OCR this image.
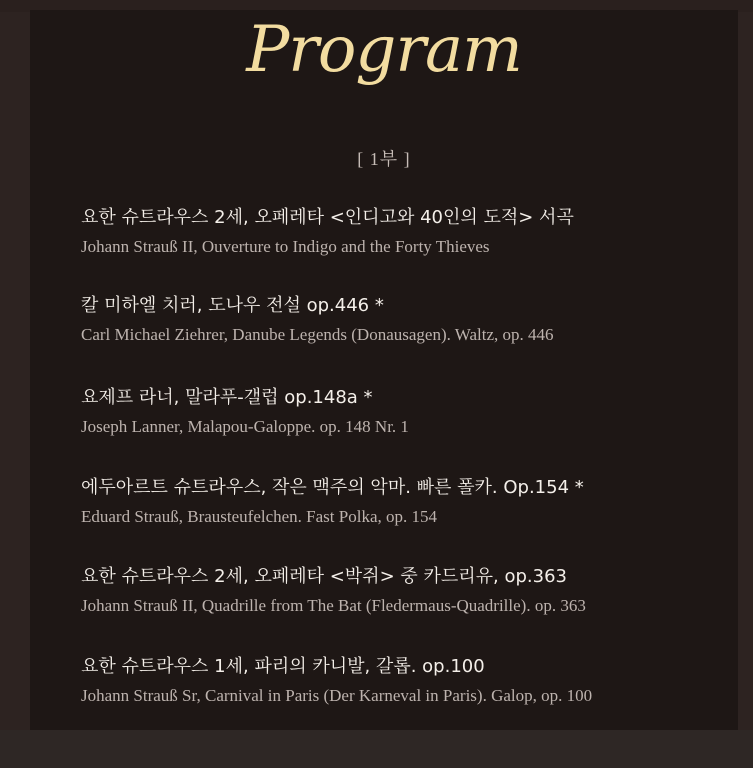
Program
[ 1부 ]
요한 슈트라우스 2세, 오페레타 <인디고와 40인의 도적> 서곡
Johann Strauß II, Ouverture to Indigo and the Forty Thieves
칼 미하엘 치러, 도나우 전설 op.446 *
Carl Michael Ziehrer, Danube Legends (Donausagen). Waltz, op. 446
요제프 라너, 말라푸-갤럽 op.148a *
Joseph Lanner, Malapou-Galoppe. op. 148 Nr. 1
에두아르트 슈트라우스, 작은 맥주의 악마. 빠른 폴카. Op.154 *
Eduard Strauß, Brausteufelchen. Fast Polka, op. 154
요한 슈트라우스 2세, 오페레타 <박쥐> 중 카드리유, op.363
Johann Strauß II, Quadrille from The Bat (Fledermaus-Quadrille). op. 363
요한 슈트라우스 1세, 파리의 카니발, 갈롭. op.100
Johann Strauß Sr, Carnival in Paris (Der Karneval in Paris). Galop, op. 100
